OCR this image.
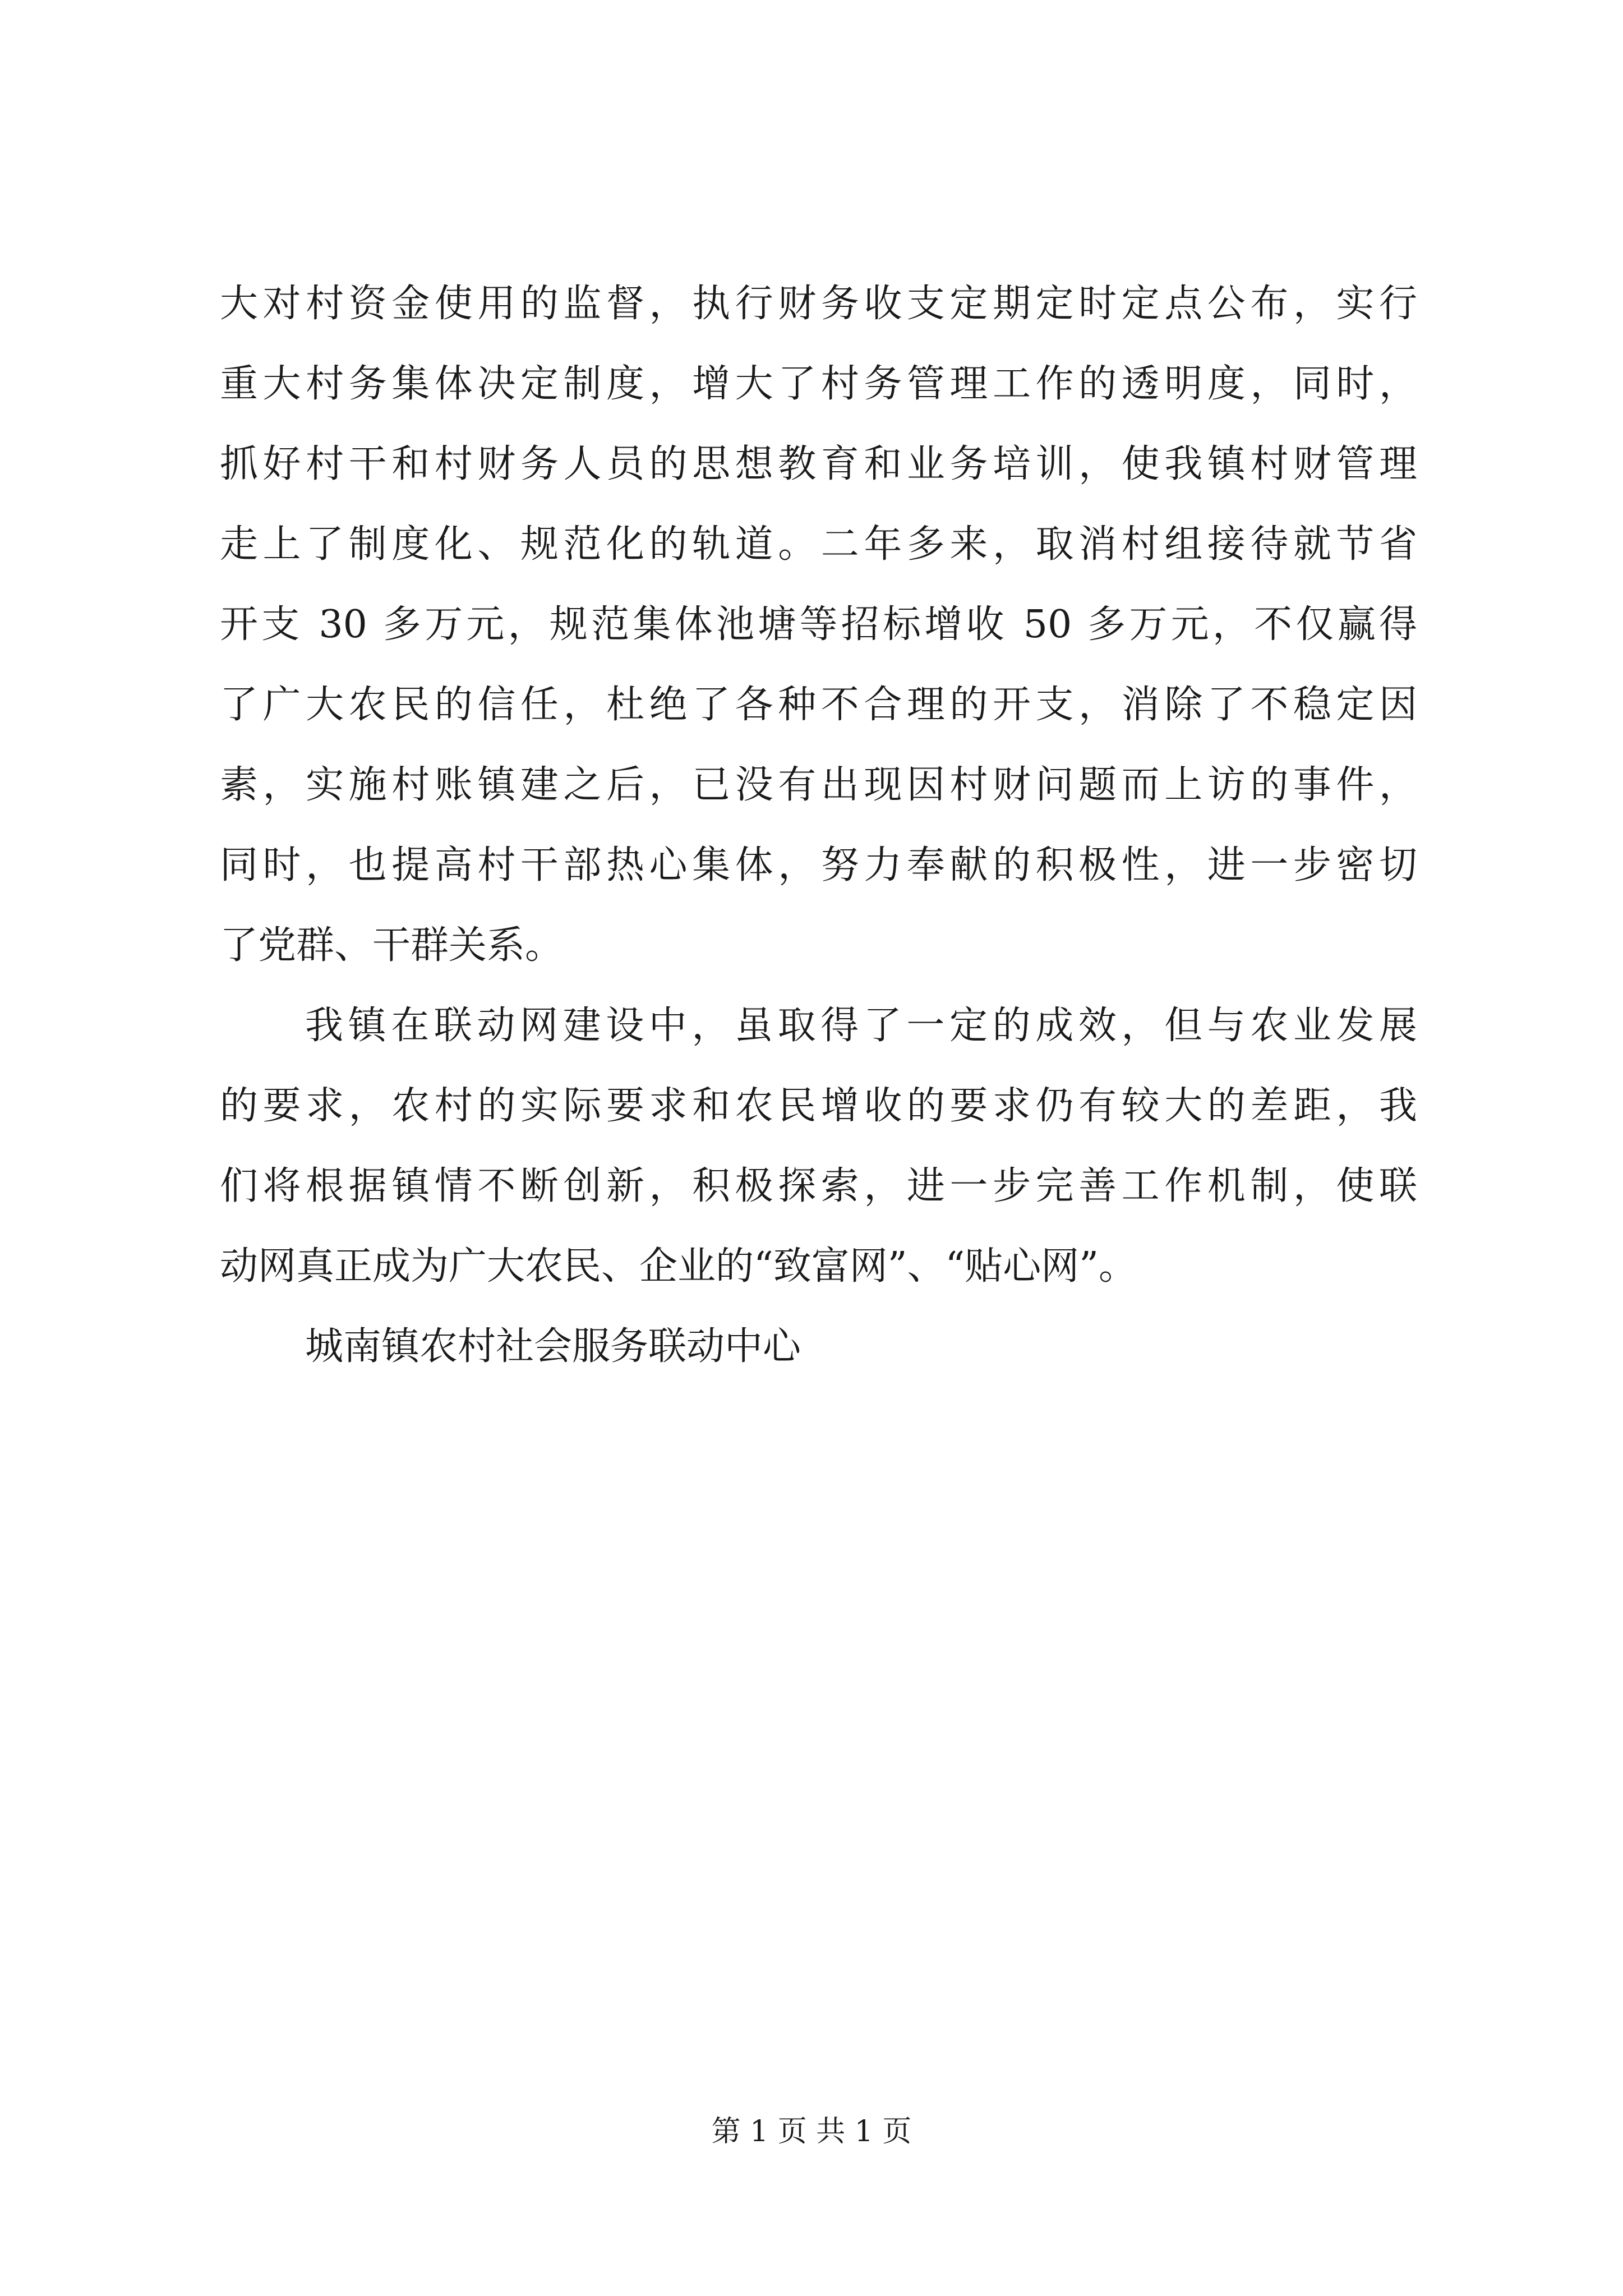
大对村资金使用的监督，执行财务收支定期定时定点公布，实行
重大村务集体决定制度，增大了村务管理工作的透明度，同时，
抓好村干和村财务人员的思想教育和业务培训，使我镇村财管理
走上了制度化、规范化的轨道。二年多来，取消村组接待就节省
开支 30 多万元，规范集体池塘等招标增收 50 多万元，不仅赢得
了广大农民的信任，杜绝了各种不合理的开支，消除了不稳定因
素，实施村账镇建之后，已没有出现因村财问题而上访的事件，
同时，也提高村干部热心集体，努力奉献的积极性，进一步密切
了党群、干群关系。
我镇在联动网建设中，虽取得了一定的成效，但与农业发展
的要求，农村的实际要求和农民增收的要求仍有较大的差距，我
们将根据镇情不断创新，积极探索，进一步完善工作机制，使联
动网真正成为广大农民、企业的“致富网”、“贴心网”。
城南镇农村社会服务联动中心
第 1 页 共 1 页
